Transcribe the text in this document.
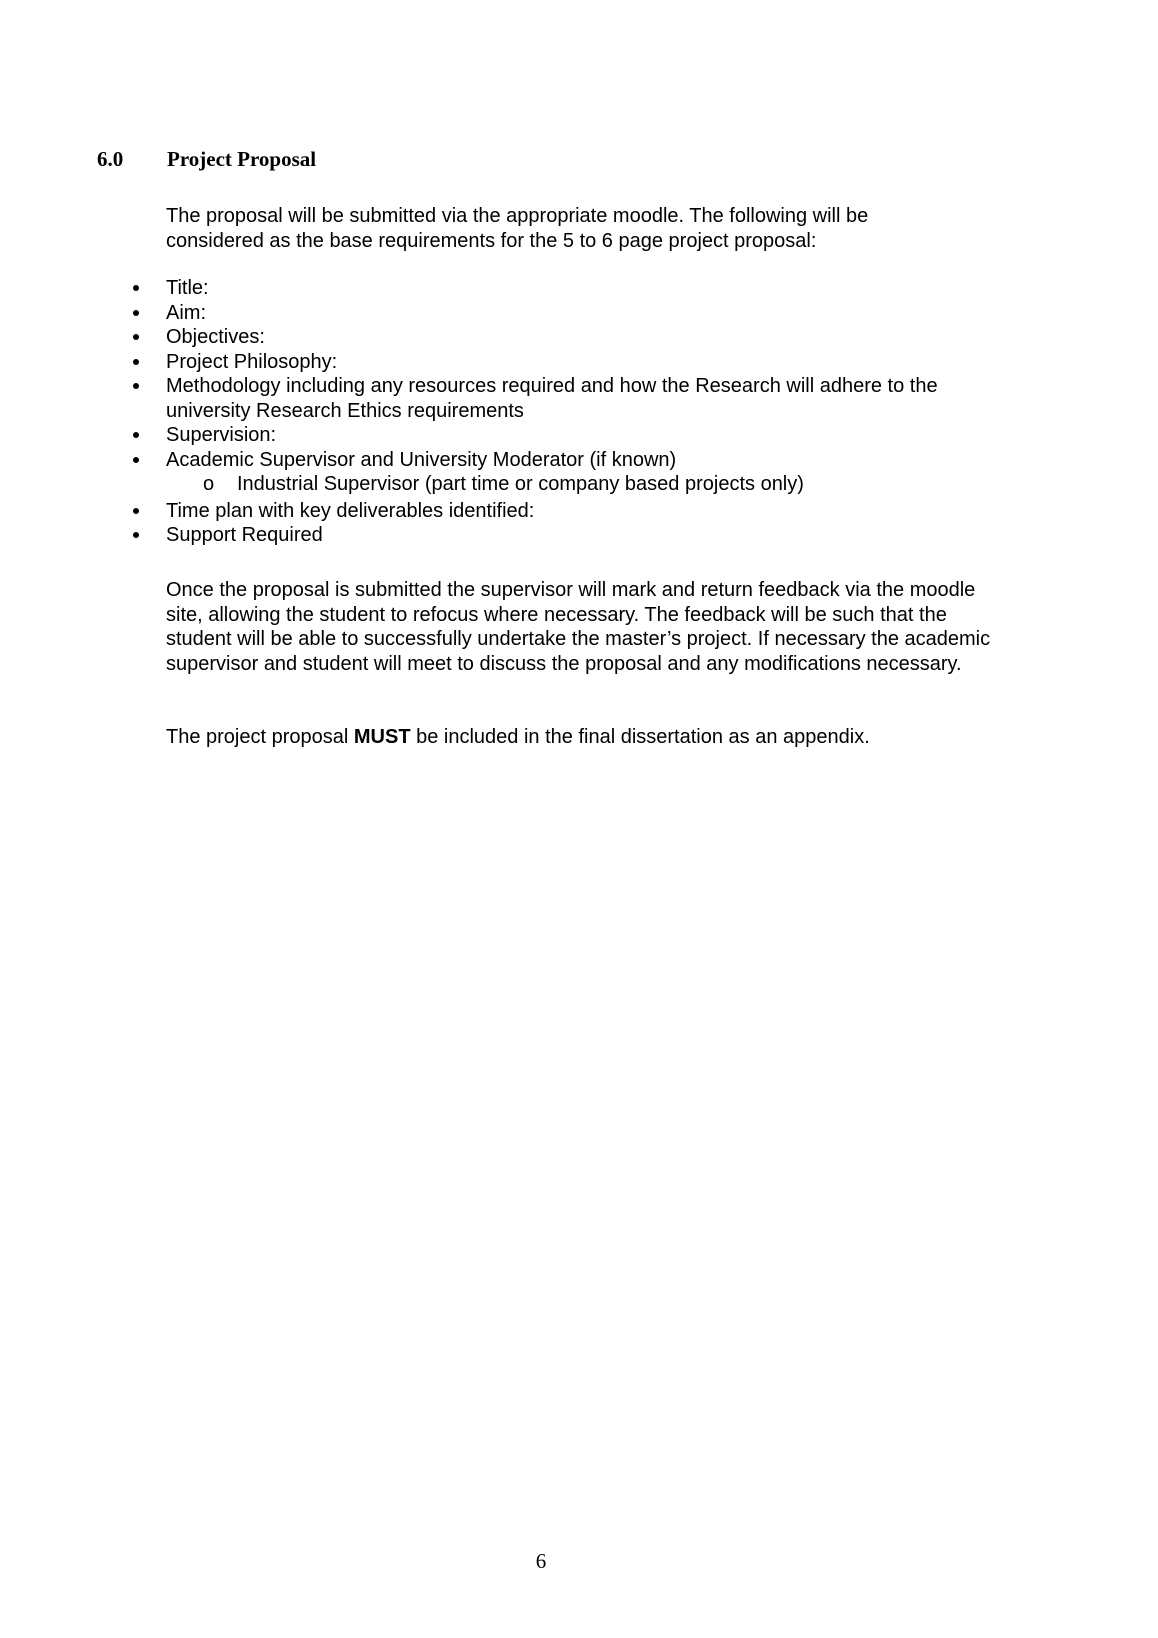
6.0 Project Proposal

The proposal will be submitted via the appropriate moodle. The following will be considered as the base requirements for the 5 to 6 page project proposal:

Title:
Aim:
Objectives:
Project Philosophy:
Methodology including any resources required and how the Research will adhere to the university Research Ethics requirements
Supervision:
Academic Supervisor and University Moderator (if known)
o Industrial Supervisor (part time or company based projects only)
Time plan with key deliverables identified:
Support Required

Once the proposal is submitted the supervisor will mark and return feedback via the moodle site, allowing the student to refocus where necessary. The feedback will be such that the student will be able to successfully undertake the master’s project. If necessary the academic supervisor and student will meet to discuss the proposal and any modifications necessary.

The project proposal MUST be included in the final dissertation as an appendix.

6
